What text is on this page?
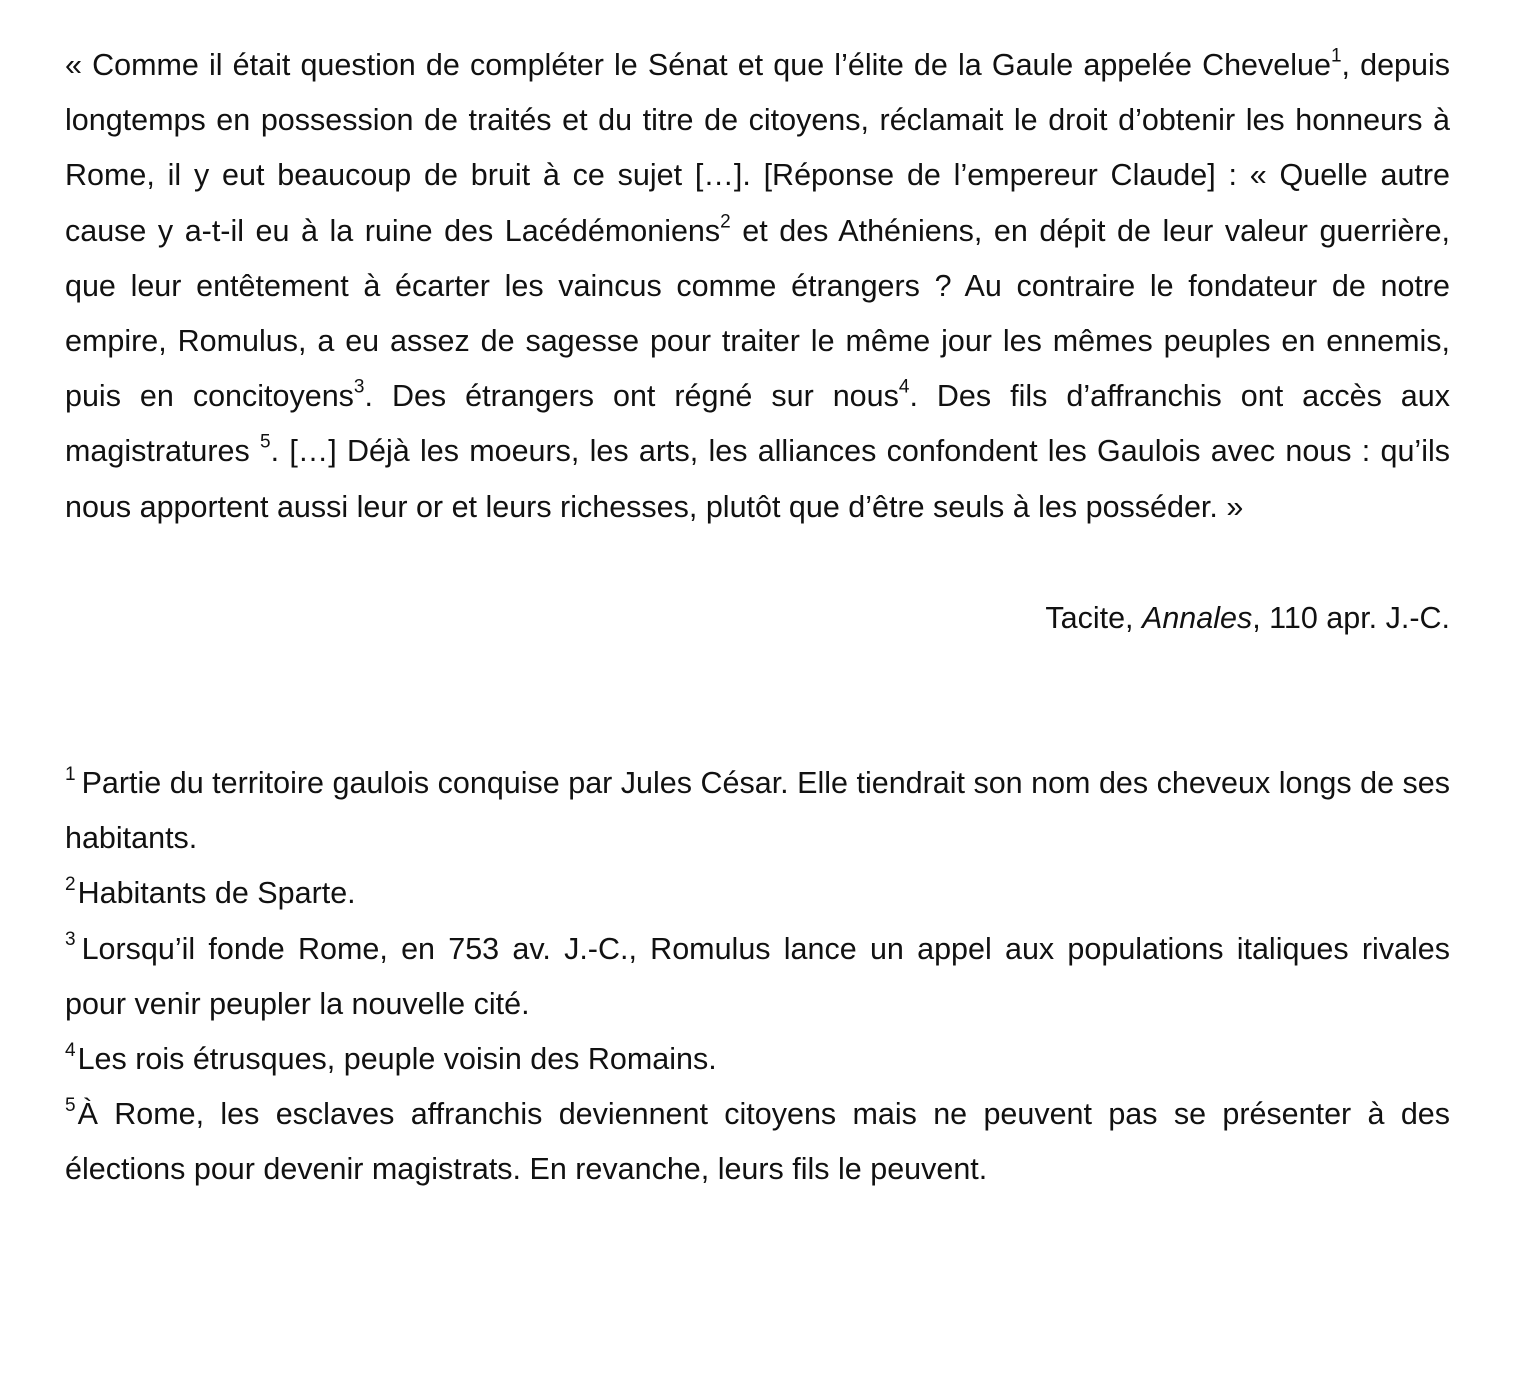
« Comme il était question de compléter le Sénat et que l’élite de la Gaule appelée Chevelue$^1$, depuis longtemps en possession de traités et du titre de citoyens, réclamait le droit d’obtenir les honneurs à Rome, il y eut beaucoup de bruit à ce sujet […]. [Réponse de l’empereur Claude] : « Quelle autre cause y a-t-il eu à la ruine des Lacédémoniens$^2$ et des Athéniens, en dépit de leur valeur guerrière, que leur entêtement à écarter les vaincus comme étrangers ? Au contraire le fondateur de notre empire, Romulus, a eu assez de sagesse pour traiter le même jour les mêmes peuples en ennemis, puis en concitoyens$^3$. Des étrangers ont régné sur nous$^4$. Des fils d’affranchis ont accès aux magistratures $^5$. […] Déjà les moeurs, les arts, les alliances confondent les Gaulois avec nous : qu’ils nous apportent aussi leur or et leurs richesses, plutôt que d’être seuls à les posséder. »

Tacite, Annales, 110 apr. J.-C.

$^1$ Partie du territoire gaulois conquise par Jules César. Elle tiendrait son nom des cheveux longs de ses habitants.

$^2$Habitants de Sparte.

$^3$ Lorsqu’il fonde Rome, en 753 av. J.-C., Romulus lance un appel aux populations italiques rivales pour venir peupler la nouvelle cité.

$^4$Les rois étrusques, peuple voisin des Romains.

$^5$À Rome, les esclaves affranchis deviennent citoyens mais ne peuvent pas se présenter à des élections pour devenir magistrats. En revanche, leurs fils le peuvent.
